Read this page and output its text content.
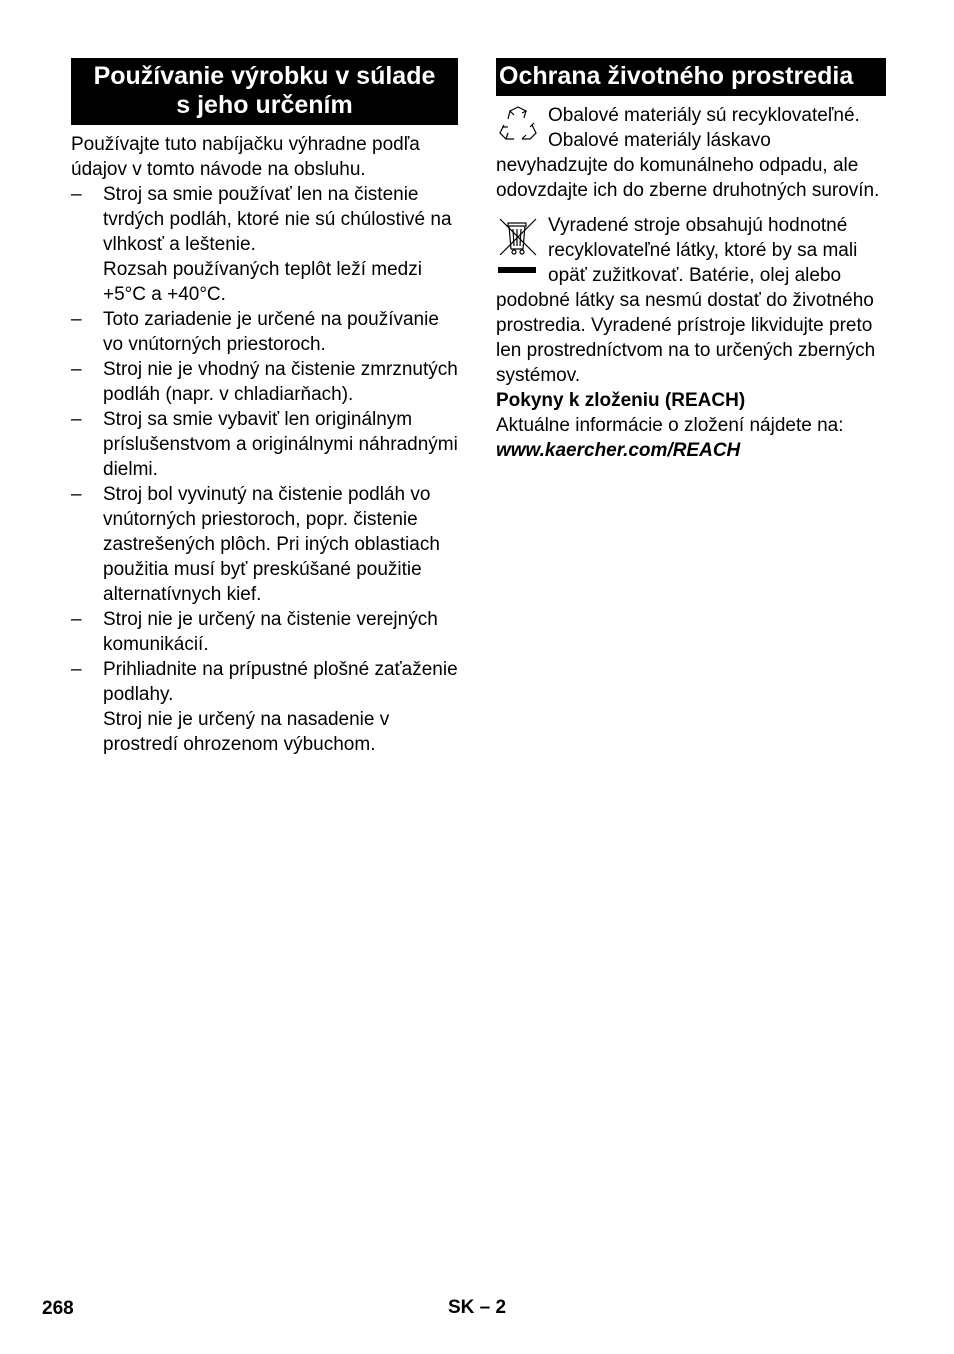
Používanie výrobku v súlade
s jeho určením

Používajte tuto nabíjačku výhradne podľa údajov v tomto návode na obsluhu.

– Stroj sa smie používať len na čistenie tvrdých podláh, ktoré nie sú chúlostivé na vlhkosť a leštenie.

Rozsah používaných teplôt leží medzi +5°C a +40°C.

– Toto zariadenie je určené na používanie vo vnútorných priestoroch.

– Stroj nie je vhodný na čistenie zmrznutých podláh (napr. v chladiarňach).

– Stroj sa smie vybaviť len originálnym príslušenstvom a originálnymi náhradnými dielmi.

– Stroj bol vyvinutý na čistenie podláh vo vnútorných priestoroch, popr. čistenie zastrešených plôch. Pri iných oblastiach použitia musí byť preskúšané použitie alternatívnych kief.

– Stroj nie je určený na čistenie verejných komunikácií.

– Prihliadnite na prípustné plošné zaťaženie podlahy.

Stroj nie je určený na nasadenie v prostredí ohrozenom výbuchom.

Ochrana životného prostredia

Obalové materiály sú recyklovateľné. Obalové materiály láskavo nevyhadzujte do komunálneho odpadu, ale odovzdajte ich do zberne druhotných surovín.

Vyradené stroje obsahujú hodnotné recyklovateľné látky, ktoré by sa mali opäť zužitkovať. Batérie, olej alebo podobné látky sa nesmú dostať do životného prostredia. Vyradené prístroje likvidujte preto len prostredníctvom na to určených zberných systémov.

Pokyny k zloženiu (REACH)

Aktuálne informácie o zložení nájdete na:

www.kaercher.com/REACH

268	SK – 2
